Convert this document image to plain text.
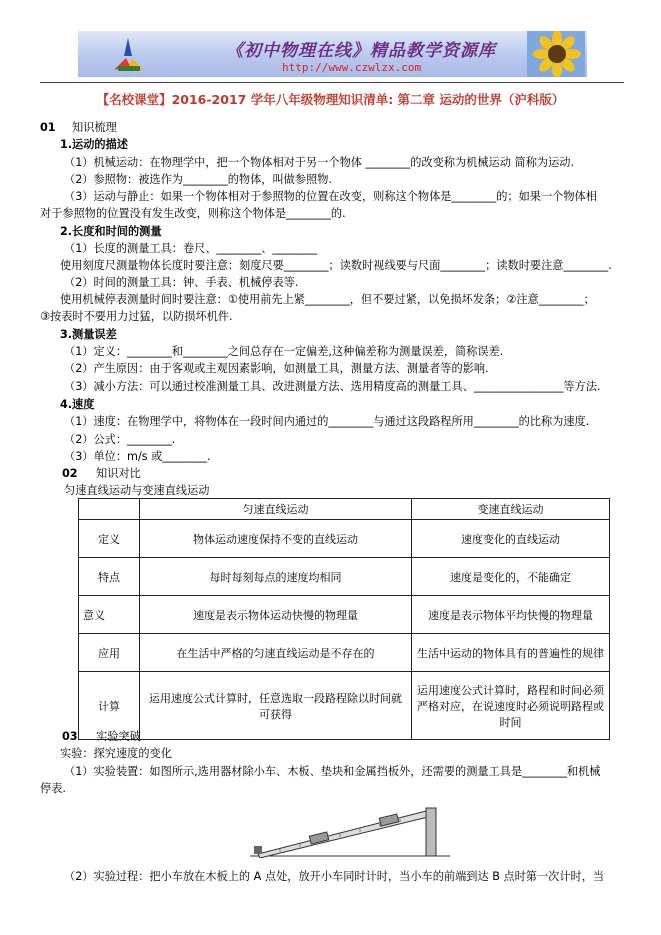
《初中物理在线》精品教学资源库
http://www.czwlzx.com
【名校课堂】2016-2017 学年八年级物理知识清单: 第二章 运动的世界（沪科版）
01 知识梳理
1.运动的描述
（1）机械运动：在物理学中，把一个物体相对于另一个物体 ________的改变称为机械运动 简称为运动.
（2）参照物：被选作为________的物体，叫做参照物.
（3）运动与静止：如果一个物体相对于参照物的位置在改变，则称这个物体是________的；如果一个物体相
对于参照物的位置没有发生改变，则称这个物体是________的.
2.长度和时间的测量
（1）长度的测量工具：卷尺、________、________
使用刻度尺测量物体长度时要注意：刻度尺要________；读数时视线要与尺面________；读数时要注意________.
（2）时间的测量工具：钟、手表、机械停表等.
使用机械停表测量时间时要注意：①使用前先上紧________，但不要过紧，以免损坏发条；②注意________；
③按表时不要用力过猛，以防损坏机件.
3.测量误差
（1）定义：________和________之间总存在一定偏差,这种偏差称为测量误差，简称误差.
（2）产生原因：由于客观或主观因素影响，如测量工具，测量方法、测量者等的影响.
（3）减小方法：可以通过校准测量工具、改进测量方法、选用精度高的测量工具、________________等方法.
4.速度
（1）速度：在物理学中，将物体在一段时间内通过的________与通过这段路程所用________的比称为速度.
（2）公式：________.
（3）单位：m/s 或________.
02 知识对比
匀速直线运动与变速直线运动
	匀速直线运动	变速直线运动
定义	物体运动速度保持不变的直线运动	速度变化的直线运动
特点	每时每刻每点的速度均相同	速度是变化的，不能确定
意义	速度是表示物体运动快慢的物理量	速度是表示物体平均快慢的物理量
应用	在生活中严格的匀速直线运动是不存在的	生活中运动的物体具有的普遍性的规律
计算	运用速度公式计算时，任意选取一段路程除以时间就可获得	运用速度公式计算时，路程和时间必须严格对应，在说速度时必须说明路程或时间
03 实验突破
实验：探究速度的变化
（1）实验装置：如图所示,选用器材除小车、木板、垫块和金属挡板外，还需要的测量工具是________和机械
停表.
（2）实验过程：把小车放在木板上的 A 点处，放开小车同时计时，当小车的前端到达 B 点时第一次计时，当
